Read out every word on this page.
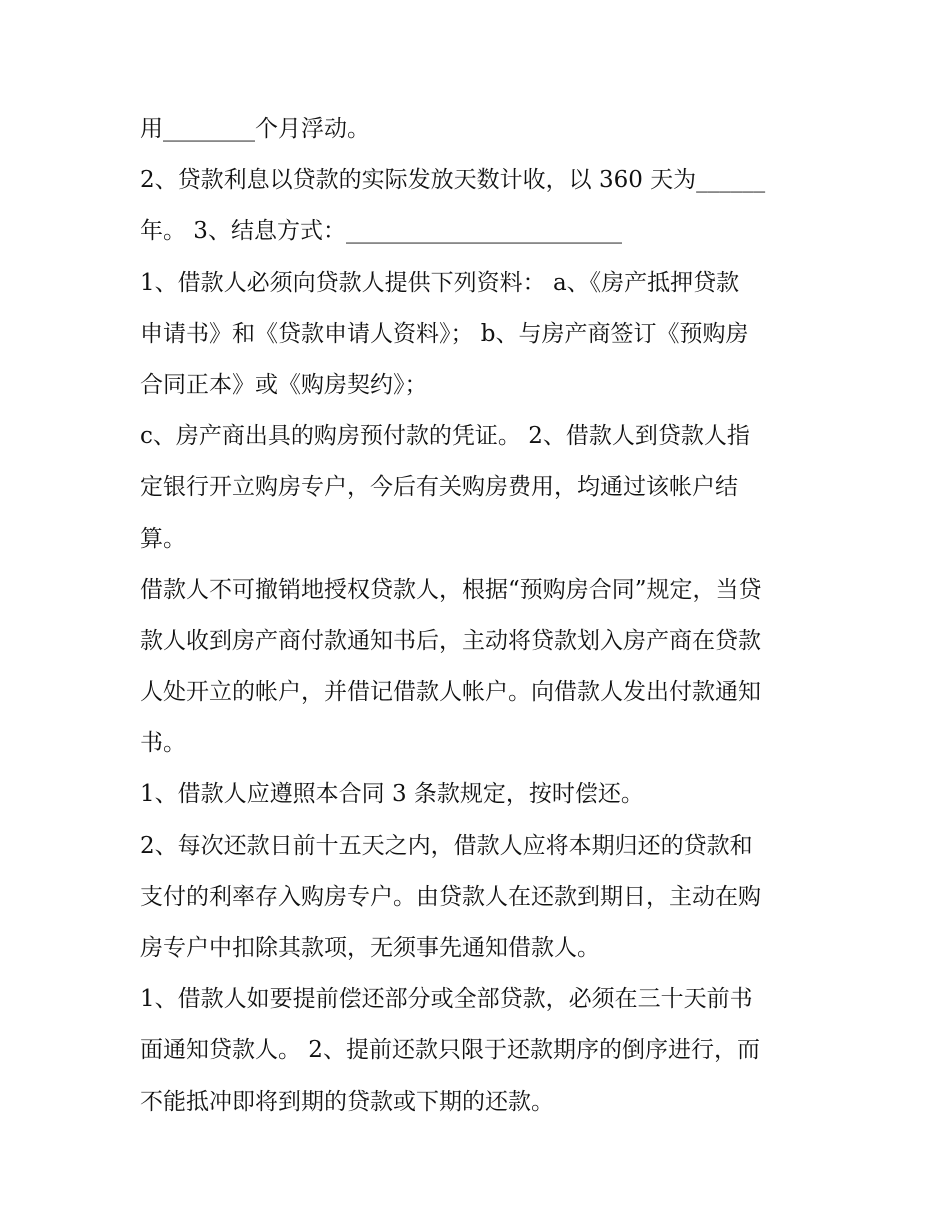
用________个月浮动。
2、贷款利息以贷款的实际发放天数计收，以 360 天为______
年。 3、结息方式：________________________
1、借款人必须向贷款人提供下列资料： a、《房产抵押贷款
申请书》和《贷款申请人资料》； b、与房产商签订《预购房
合同正本》或《购房契约》；
c、房产商出具的购房预付款的凭证。 2、借款人到贷款人指
定银行开立购房专户，今后有关购房费用，均通过该帐户结
算。
借款人不可撤销地授权贷款人，根据“预购房合同”规定，当贷
款人收到房产商付款通知书后，主动将贷款划入房产商在贷款
人处开立的帐户，并借记借款人帐户。向借款人发出付款通知
书。
1、借款人应遵照本合同 3 条款规定，按时偿还。
2、每次还款日前十五天之内，借款人应将本期归还的贷款和
支付的利率存入购房专户。由贷款人在还款到期日，主动在购
房专户中扣除其款项，无须事先通知借款人。
1、借款人如要提前偿还部分或全部贷款，必须在三十天前书
面通知贷款人。 2、提前还款只限于还款期序的倒序进行，而
不能抵冲即将到期的贷款或下期的还款。
